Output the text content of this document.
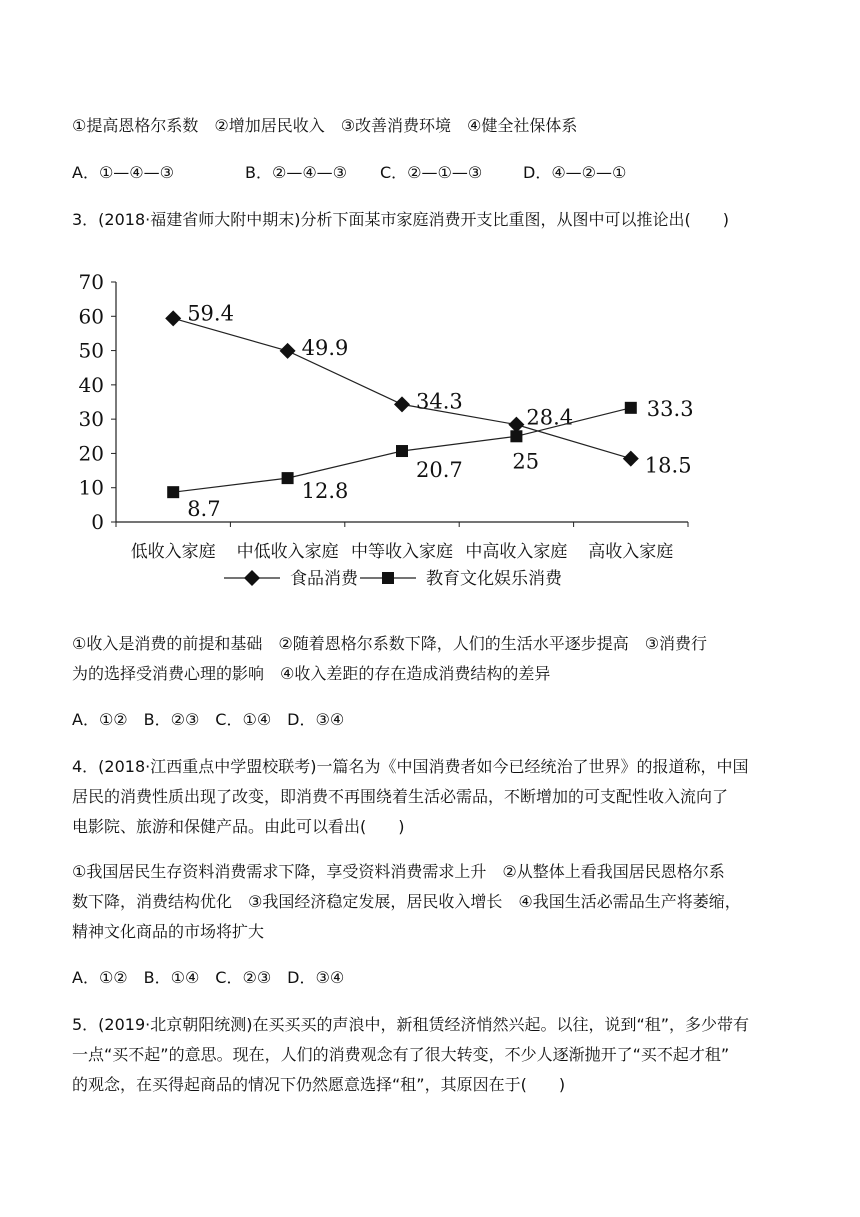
①提高恩格尔系数　②增加居民收入　③改善消费环境　④健全社保体系
A．①—④—③	B．②—④—③ C．②—①—③	D．④—②—①
3．(2018·福建省师大附中期末)分析下面某市家庭消费开支比重图，从图中可以推论出(　　)
0
10
20
30
40
50
60
70
低收入家庭 中低收入家庭 中等收入家庭 中高收入家庭 高收入家庭
59.4
49.9
34.3
28.4
18.5
8.7
12.8
20.7 25
33.3
食品消费	教育文化娱乐消费
①收入是消费的前提和基础　②随着恩格尔系数下降，人们的生活水平逐步提高　③消费行
为的选择受消费心理的影响　④收入差距的存在造成消费结构的差异
A．①②　B．②③　C．①④　D．③④
4．(2018·江西重点中学盟校联考)一篇名为《中国消费者如今已经统治了世界》的报道称，中国
居民的消费性质出现了改变，即消费不再围绕着生活必需品，不断增加的可支配性收入流向了
电影院、旅游和保健产品。由此可以看出(　　)
①我国居民生存资料消费需求下降，享受资料消费需求上升　②从整体上看我国居民恩格尔系
数下降，消费结构优化　③我国经济稳定发展，居民收入增长　④我国生活必需品生产将萎缩，
精神文化商品的市场将扩大
A．①②　B．①④　C．②③　D．③④
5．(2019·北京朝阳统测)在买买买的声浪中，新租赁经济悄然兴起。以往，说到“租”，多少带有
一点“买不起”的意思。现在，人们的消费观念有了很大转变，不少人逐渐抛开了“买不起才租”
的观念，在买得起商品的情况下仍然愿意选择“租”，其原因在于(　　)
